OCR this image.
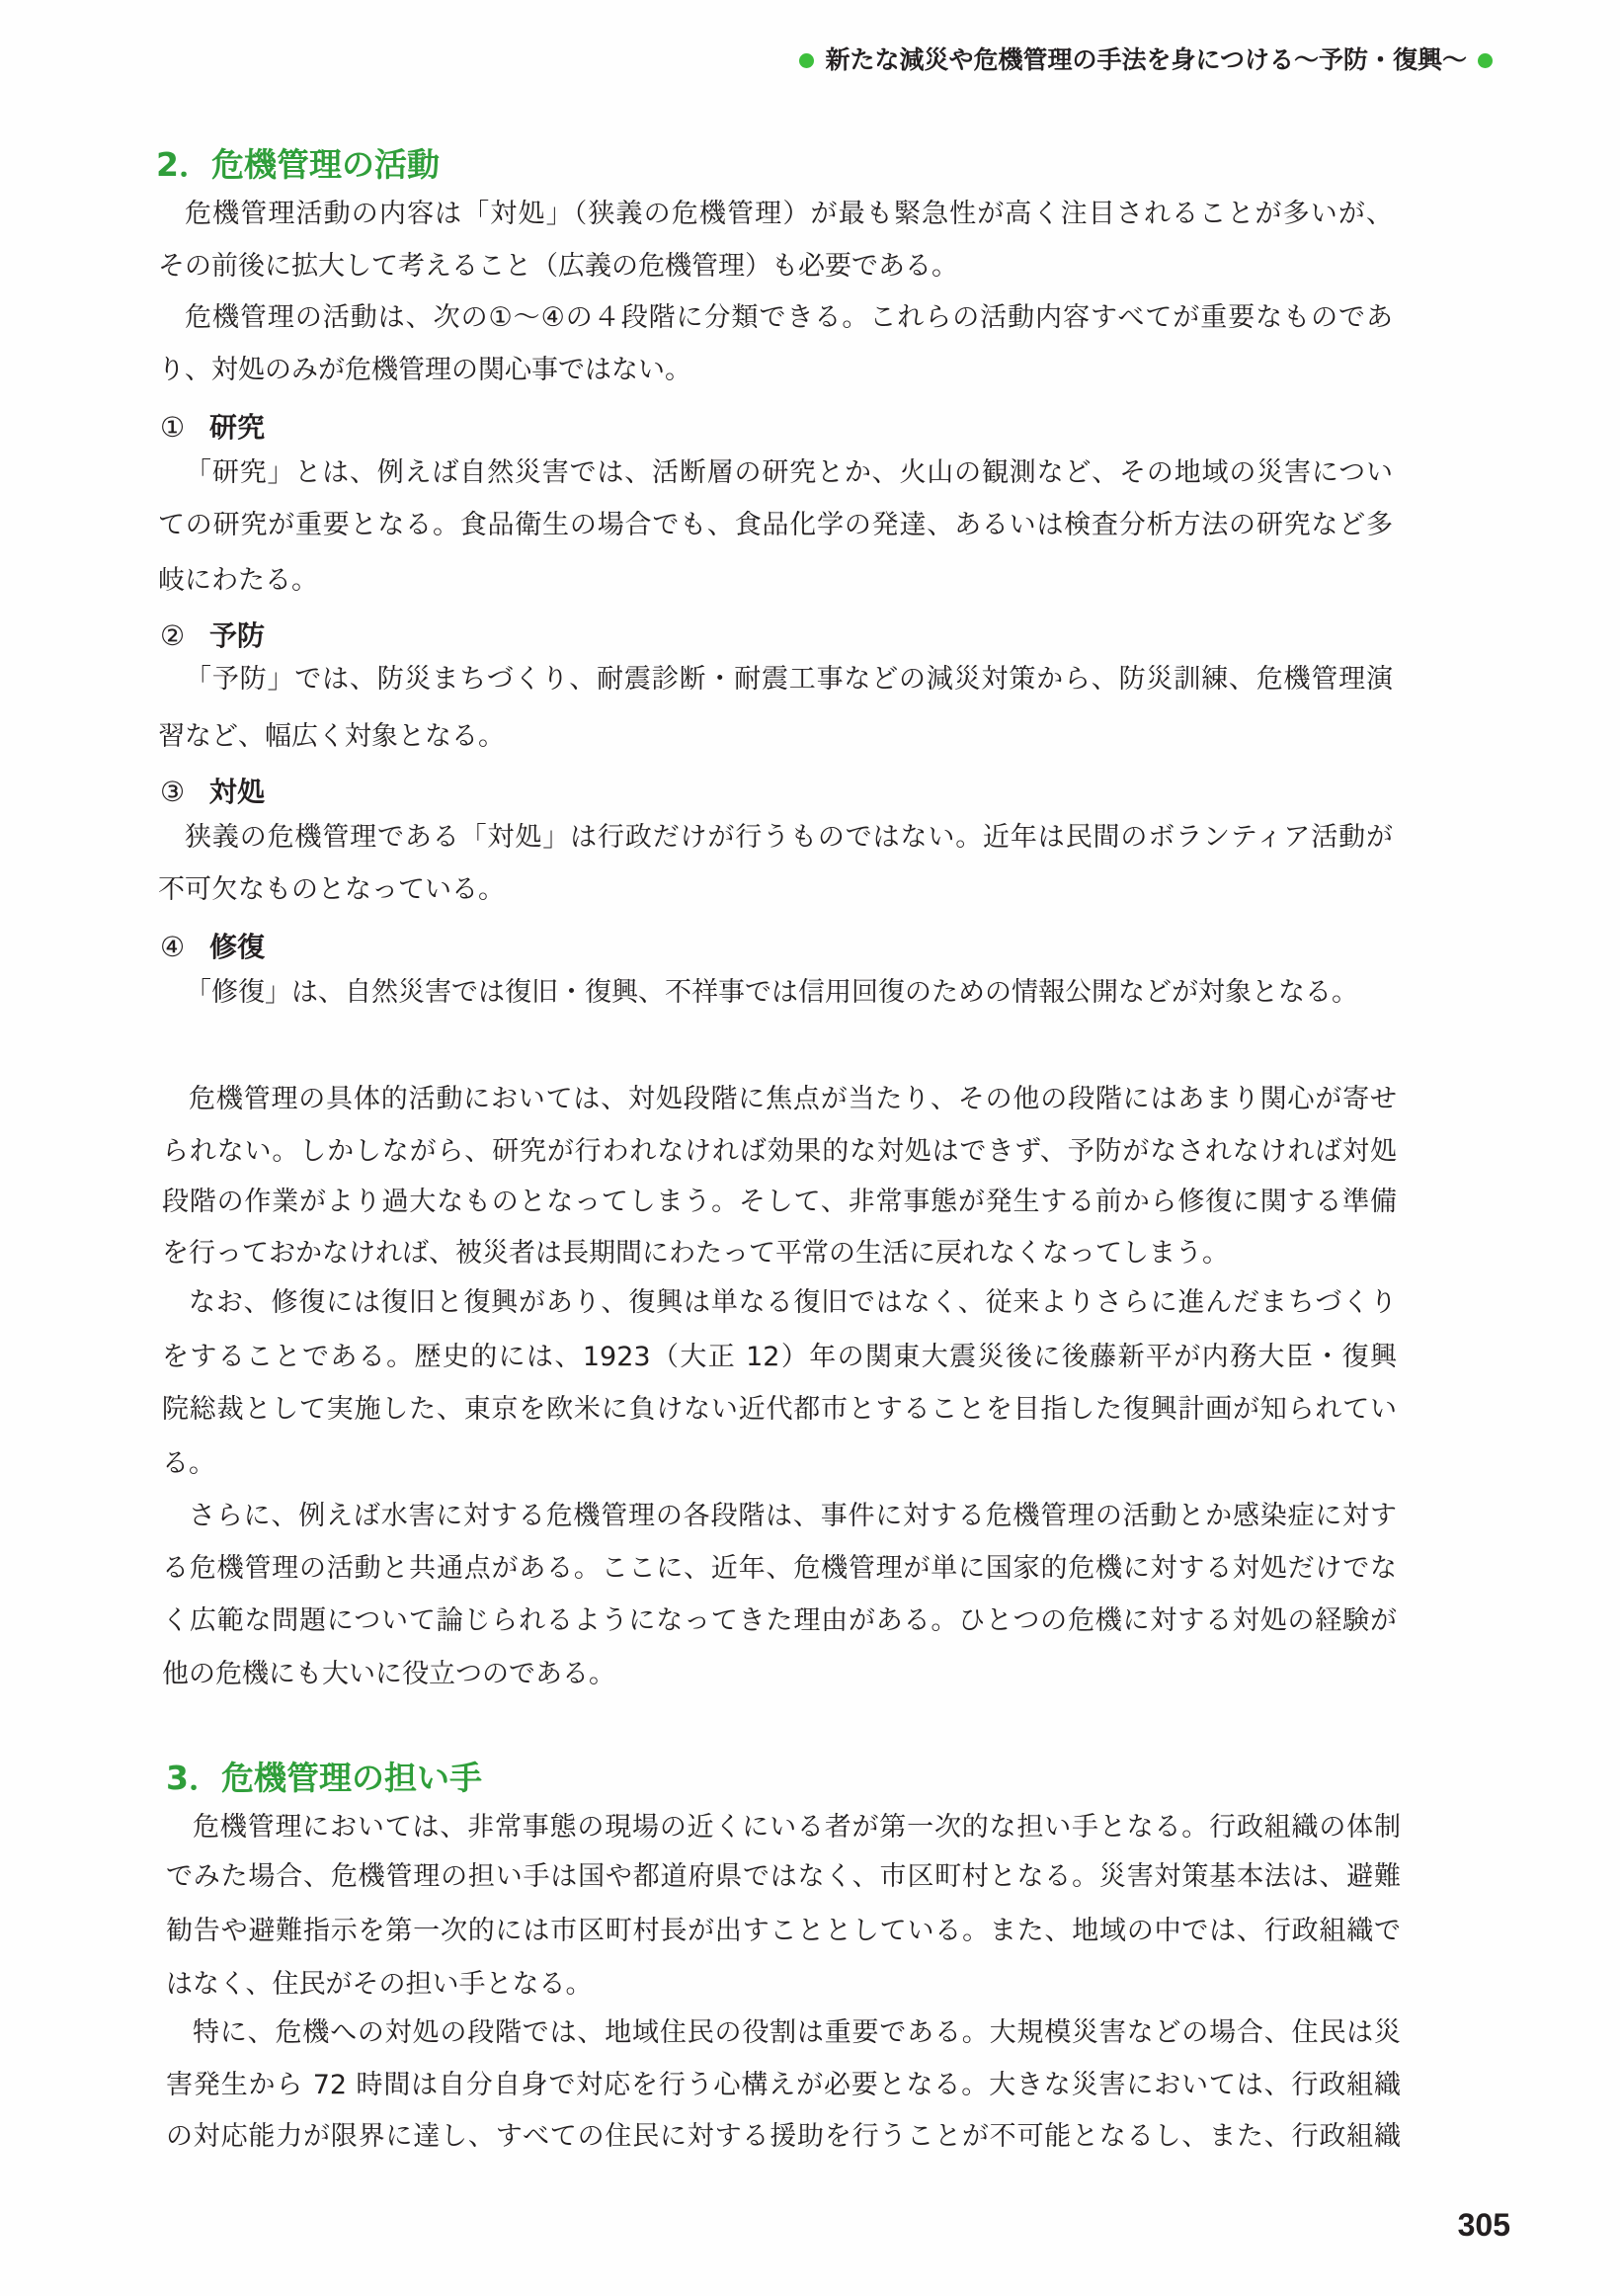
新たな減災や危機管理の手法を身につける〜予防・復興〜
2．危機管理の活動
危機管理活動の内容は「対処」（狭義の危機管理）が最も緊急性が高く注目されることが多いが、
その前後に拡大して考えること（広義の危機管理）も必要である。
危機管理の活動は、次の①〜④の４段階に分類できる。これらの活動内容すべてが重要なものであ
り、対処のみが危機管理の関心事ではない。
① 研究
「研究」とは、例えば自然災害では、活断層の研究とか、火山の観測など、その地域の災害につい
ての研究が重要となる。食品衛生の場合でも、食品化学の発達、あるいは検査分析方法の研究など多
岐にわたる。
② 予防
「予防」では、防災まちづくり、耐震診断・耐震工事などの減災対策から、防災訓練、危機管理演
習など、幅広く対象となる。
③ 対処
狭義の危機管理である「対処」は行政だけが行うものではない。近年は民間のボランティア活動が
不可欠なものとなっている。
④ 修復
「修復」は、自然災害では復旧・復興、不祥事では信用回復のための情報公開などが対象となる。
危機管理の具体的活動においては、対処段階に焦点が当たり、その他の段階にはあまり関心が寄せ
られない。しかしながら、研究が行われなければ効果的な対処はできず、予防がなされなければ対処
段階の作業がより過大なものとなってしまう。そして、非常事態が発生する前から修復に関する準備
を行っておかなければ、被災者は長期間にわたって平常の生活に戻れなくなってしまう。
なお、修復には復旧と復興があり、復興は単なる復旧ではなく、従来よりさらに進んだまちづくり
をすることである。歴史的には、1923（大正 12）年の関東大震災後に後藤新平が内務大臣・復興
院総裁として実施した、東京を欧米に負けない近代都市とすることを目指した復興計画が知られてい
る。
さらに、例えば水害に対する危機管理の各段階は、事件に対する危機管理の活動とか感染症に対す
る危機管理の活動と共通点がある。ここに、近年、危機管理が単に国家的危機に対する対処だけでな
く広範な問題について論じられるようになってきた理由がある。ひとつの危機に対する対処の経験が
他の危機にも大いに役立つのである。
3．危機管理の担い手
危機管理においては、非常事態の現場の近くにいる者が第一次的な担い手となる。行政組織の体制
でみた場合、危機管理の担い手は国や都道府県ではなく、市区町村となる。災害対策基本法は、避難
勧告や避難指示を第一次的には市区町村長が出すこととしている。また、地域の中では、行政組織で
はなく、住民がその担い手となる。
特に、危機への対処の段階では、地域住民の役割は重要である。大規模災害などの場合、住民は災
害発生から 72 時間は自分自身で対応を行う心構えが必要となる。大きな災害においては、行政組織
の対応能力が限界に達し、すべての住民に対する援助を行うことが不可能となるし、また、行政組織
305
